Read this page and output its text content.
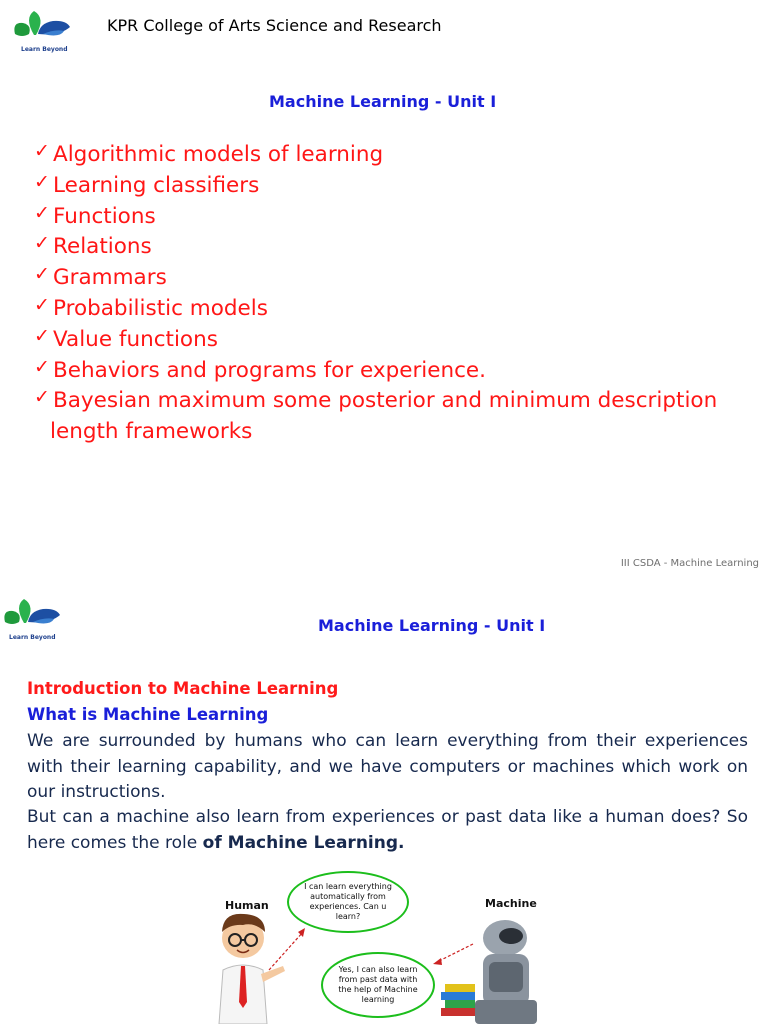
Learn Beyond
KPR College of Arts Science and Research
Machine Learning - Unit I
✓ Algorithmic models of learning
✓ Learning classifiers
✓ Functions
✓ Relations
✓ Grammars
✓ Probabilistic models
✓ Value functions
✓ Behaviors and programs for experience.
✓ Bayesian maximum some posterior and minimum description
length frameworks
III CSDA - Machine Learning
Learn Beyond
Machine Learning - Unit I
Introduction to Machine Learning
What is Machine Learning
We are surrounded by humans who can learn everything from their experiences with their learning capability, and we have computers or machines which work on our instructions.
But can a machine also learn from experiences or past data like a human does? So here comes the role of Machine Learning.
Human	Machine
I can learn everything automatically from experiences. Can u learn?
Yes, I can also learn from past data with the help of Machine learning
